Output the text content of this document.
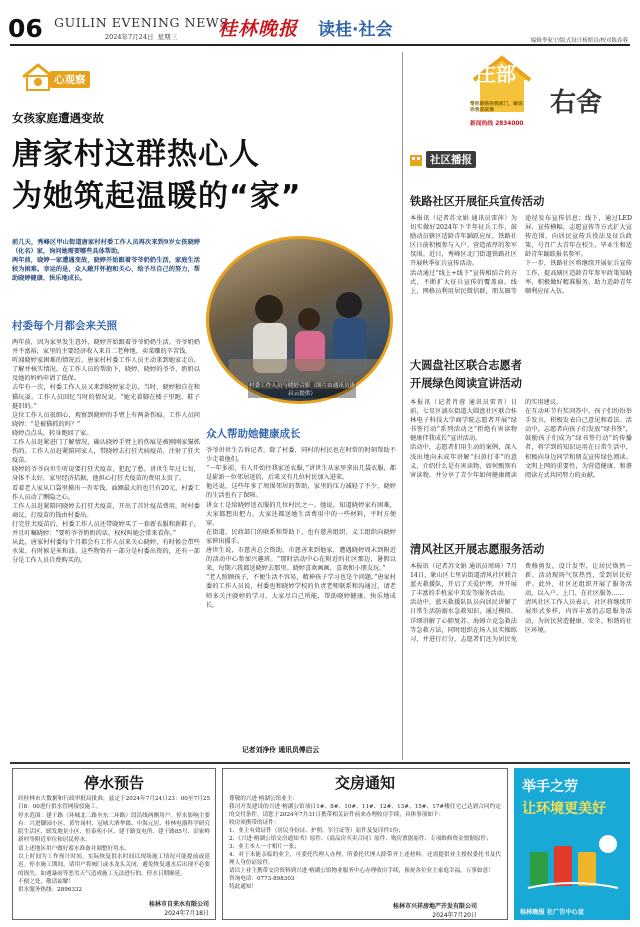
06 GUILIN EVENING NEWS
2024年7月24日 星期三 桂林晚报 读桂·社会
编辑李家宁/版式设计杨斯诗/校对陈春蓉
心观察
女孩家庭遭遇变故
唐家村这群热心人
为她筑起温暖的“家”
前几天，秀峰区甲山街道唐家村村委工作人员再次来到9岁女孩晓婷（化名）家，询问她需要哪些具体帮助。
两年前，晓婷一家遭遇变故，晓婷开始跟着爷爷奶奶生活，家庭生活较为困难。幸运的是，众人敞开怀抱和关心，给予尽自己的努力，帮助晓婷健康、快乐地成长。
村委每个月都会来关照
两年前，因为家里发生意外，晓婷开始跟着爷爷奶奶生活。爷爷奶奶并不富裕，家里的主要经济收入来自二老种地、卖菜赚的辛苦钱。
听闻晓婷家困难的情况后，唐家村村委工作人员主动来到她家走访，了解并核实情况。在工作人员的帮助下，晓婷、晓婷的爷爷、奶奶以及她的妈妈申请了低保。
去年有一次，村委工作人员又来到晓婷家走访，当时，晓婷独自在和猫玩耍。工作人员回忆当时的情况说，“她光着脚在楼子里跑，鞋子挺旧的。”
这位工作人员很细心，观察到晓婷的手臂上有两条伤痕。工作人员问晓婷：“是被猫抓的吗？”
晓婷点点头，转身跑回了家。
工作人员赶紧进门了解情况，确认晓婷手臂上的伤痕是被刚刚家猫抓伤的。工作人员赶紧陪同家人，带晓婷去打狂犬病疫苗、注射了狂犬疫苗。
晓婷的爷爷向世生听说要打狂犬疫苗，犯起了愁。讲世生年过七旬，身体不太好，家里经济拮据，他担心打狂犬疫苗的费用太贵了。
看着老人家从口袋里摸出一沓零钱，面额最大的也只有20元，村委工作人员动了恻隐之心。
工作人员赶紧陪同晓婷去打狂犬疫苗，开出了首针疫苗费用，时村委商议，打疫苗的钱由村委出。
打完狂犬疫苗后，村委工作人员还带晓婷买了一套新衣服和新鞋子，并且叮嘱晓婷：“要听爷爷奶奶的话，权权叫她会常来看你。”
从此，唐家村村委每个月都会有工作人员来关心晓婷，有时候会带些水果、有时候是米和油。这些物资有一部分是村委出资的，还有一部分是工作人员自费购买的。
村委工作人员与晓婷合影（图片由通讯员唐启云提供）
众人帮助她健康成长
爷爷讲世生告诉记者，除了村委，同村的村民也在时常的时刻帮助不少走着他们。
“一年多前，有人开始往我家送衣服，”讲世生从家里拿出几袋衣服，都是崭新一位邻居送的，后来又有几位村民加入进来。
他还说，这些年多了周围邻居的帮助，家里的压力减轻了不少，晓婷的生活也有了保障。
讲女士是给晓婷送衣服的几位村民之一。她说，知道晓婷家有困难，大家都想出把力。大家还都送她生活费用中的一些材料，平时方便穿。
在街道、民政部门的联系和帮助下，也有慈善组织、义工组织向晓婷家伸出援手。
唐世生说，市慈善总会资助，市慈善来到他家，遭遇晓婷周末到附近的活动中心参加兴趣班。“那时活动中心在附近的社区那边，暑假以来，每期六我都送晓婷去那里。晓婷喜欢画画，喜欢和小朋友玩。”
“老人照顾孩子，不便生活不容易，精神孩子学习也是个问题。”唐家村委的工作人员说，村委也和晓婷学校的负责老师联系和沟通过，请老师多关注晓婷的学习。大家尽自己所能，帮助晓婷健康、快乐地成长。
记者刘净伶 通讯员傅启云
庄部
右舍
帮你联络你我家门，解说你我家故事
新闻热线 2834000
社区播报
铁路社区开展征兵宣传活动
本报讯（记者苏文娟 通讯员雷萍）为切实做好2024年下半年征兵工作，鼓励动员辖区适龄青年踊跃应征，铁路社区日前积极参与入户、营造浓厚的参军氛围。近日，秀峰区北门街道铁路社区开展秋季征兵宣传活动。
活动通过“线上+线下”宣传相结合的方式，不断扩大征兵宣传的覆盖面。线上，网格员利用居民微信群，朋友圈等途径发布宣传信息；线下，通过LED屏、宣传横幅、志愿宣传等方式扩大宣传范围，向居民宣传兵役法及征兵政策，号召广大青年在校生、毕业生和适龄青年踊跃报名参军。
下一步，铁路社区将继续开展征兵宣传工作，提高辖区适龄青年参军政策知晓率，积极做好精准服务，助力适龄青年顺利应征入伍。
大圆盘社区联合志愿者
开展绿色阅读宣讲活动
本报讯（记者肖蓉 通讯员雷晋）日前，七星区漓东街道大圆盘社区联合桂林电子科技大学商学院志愿者开展“绿书签行动”系列活动之“拒绝有害读物 健康伴我成长”宣讲活动。
活动中，志愿者们用生动的案例，深入浅出地向未成年讲解“扫黄打非”的意义，介绍什么是有害读物，如何甄别有害读物，并分享了青少年如何健康阅读的实用建议。
在互动环节有奖问答中，孩子们纷纷举手发言，积极发表自己意见和看法。活动中，志愿者向孩子们发放“绿书签”，鼓励孩子们成为“绿书签行动”的传播者，将学到的知识运用在日常生活中，积极向身边同学和朋友宣传绿色阅读。文明上网的重要性，为营造健康、和谐阅读方式共同努力的贡献。
清风社区开展志愿服务活动
本报讯（记者苏文娟 通讯员周琦）7月14日，象山区七里店街道清风社区联合蓝天救援队，开启了关爱护理，并开展了丰富的手机家中美发等服务活动。
活动中，蓝天救援队队员向居民讲解了日常生活防溺水急救知识，通过模拟、详细讲解了心肺复苏、海姆立克急救法等急救方法，同时组织在场人员实操练习，并进行打分，志愿者们还为居民免费修剪发，设计发型，让居民焕然一新。活动现场气氛热烈，受到居民好评。此外，社区还组织开展了服务活动，以入户、上门、在社区服务……
清风社区工作人员表示，社区将继续开展形式多样，内容丰富的志愿服务活动，为居民营造健康、安全、和谐的社区环境。
停水预告
经桂林市大数据和行政审批局批准，兹定于2024年7月24日23：00至7月25日8：00进行供水管网接驳施工。
停水范围：建干路（环城北二路至东二环路）段沿线两侧用户。停水影响主要有：兴进御园小区、黄竹岗村、冠城大酒华郡、中海元居、桂林电器科学研究院生活区、联发地景小区、恒泰苑小区、建干路变电所、建干路85号、彭家岭新村等附近单位和居民停水。
请上述地区用户做好蓄水准备并调整好用水。
以上时间为工作预计时间，实际恢复供水时间以现场施工情况可能提前或延迟。停水施工期间，请用户将阀门或水龙头关闭，避免恢复通水后出现不必要的损失。如遇暴雨等恶劣天气造成施工无法进行的，停水日期顺延。
不便之处，敬请谅解！
供水服务热线：2896332
桂林市自来水有限公司
2024年7月18日
交房通知
尊敬的兴进·榕湖公馆业主：
我司开发建设的兴进·榕湖公馆项目1#、8#、10#、11#、12#、13#、15#、17#楼住宅已达到合同约定的交付条件，请您于2024年7月31日携带相关证件前来办理收房手续，具体事项如下：
收房须携带的证件：
1、业主有效证件（居民身份证、护照、军官证等）原件及复印件1份；
2、《兴进·榕湖公馆交房通知书》原件、《商品房买卖合同》原件、购房票据原件、专项维修资金票据原件；
3、业主本人一寸相片一张；
4、对于未能亲临的业主，可委托代理人办理，所委托代理人除带齐上述材料，还需提供业主授权委托书及代理人身份证原件。
请以上业主携带交房资料到兴进·榕湖公馆物业服务中心办理收房手续，预祝各位业主家庭幸福，万事如意！
咨询电话：0773-898303
特此通知！
桂林市兴祥房地产开发有限公司
2024年7月20日
举手之劳
让环境更美好
桂林晚报 社广告中心宣
